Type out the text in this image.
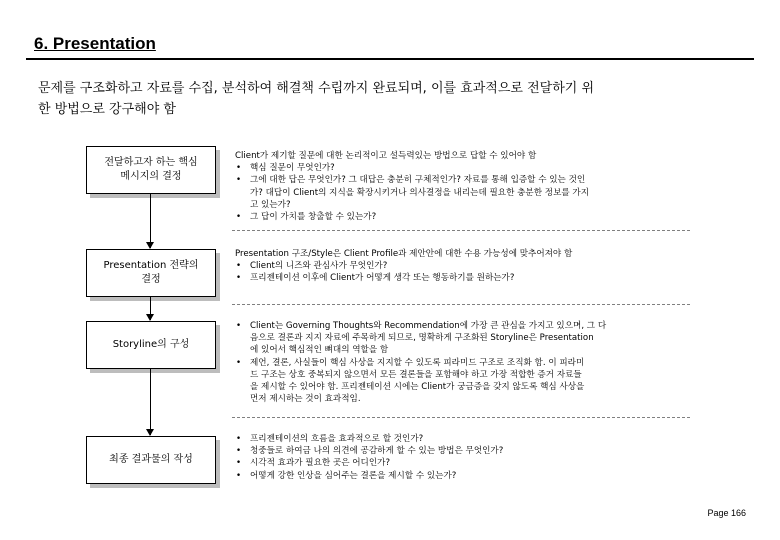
6. Presentation
문제를 구조화하고 자료를 수집, 분석하여 해결책 수립까지 완료되며, 이를 효과적으로 전달하기 위
한 방법으로 강구해야 함
전달하고자 하는 핵심
메시지의 결정
Presentation 전략의
결정
Storyline의 구성
최종 결과물의 작성
Client가 제기할 질문에 대한 논리적이고 설득력있는 방법으로 답할 수 있어야 함
• 핵심 질문이 무엇인가?
• 그에 대한 답은 무엇인가? 그 대답은 충분히 구체적인가? 자료를 통해 입증할 수 있는 것인
가? 대답이 Client의 지식을 확장시키거나 의사결정을 내리는데 필요한 충분한 정보를 가지
고 있는가?
• 그 답이 가치를 창출할 수 있는가?
Presentation 구조/Style은 Client Profile과 제안안에 대한 수용 가능성에 맞추어져야 함
• Client의 니즈와 관심사가 무엇인가?
• 프리젠테이션 이후에 Client가 어떻게 생각 또는 행동하기를 원하는가?
• Client는 Governing Thoughts와 Recommendation에 가장 큰 관심을 가지고 있으며, 그 다
음으로 결론과 지지 자료에 주목하게 되므로, 명확하게 구조화된 Storyline은 Presentation
에 있어서 핵심적인 뼈대의 역할을 함
• 제언, 결론, 사실들이 핵심 사상을 지지할 수 있도록 피라미드 구조로 조직화 함. 이 피라미
드 구조는 상호 중복되지 않으면서 모든 결론들을 포함해야 하고 가장 적합한 증거 자료들
을 제시할 수 있어야 함. 프리젠테이션 시에는 Client가 궁금증을 갖지 않도록 핵심 사상을
먼저 제시하는 것이 효과적임.
• 프리젠테이션의 흐름을 효과적으로 할 것인가?
• 청중들로 하여금 나의 의견에 공감하게 할 수 있는 방법은 무엇인가?
• 시각적 효과가 필요한 곳은 어디인가?
• 어떻게 강한 인상을 심어주는 결론을 제시할 수 있는가?
Page 166
